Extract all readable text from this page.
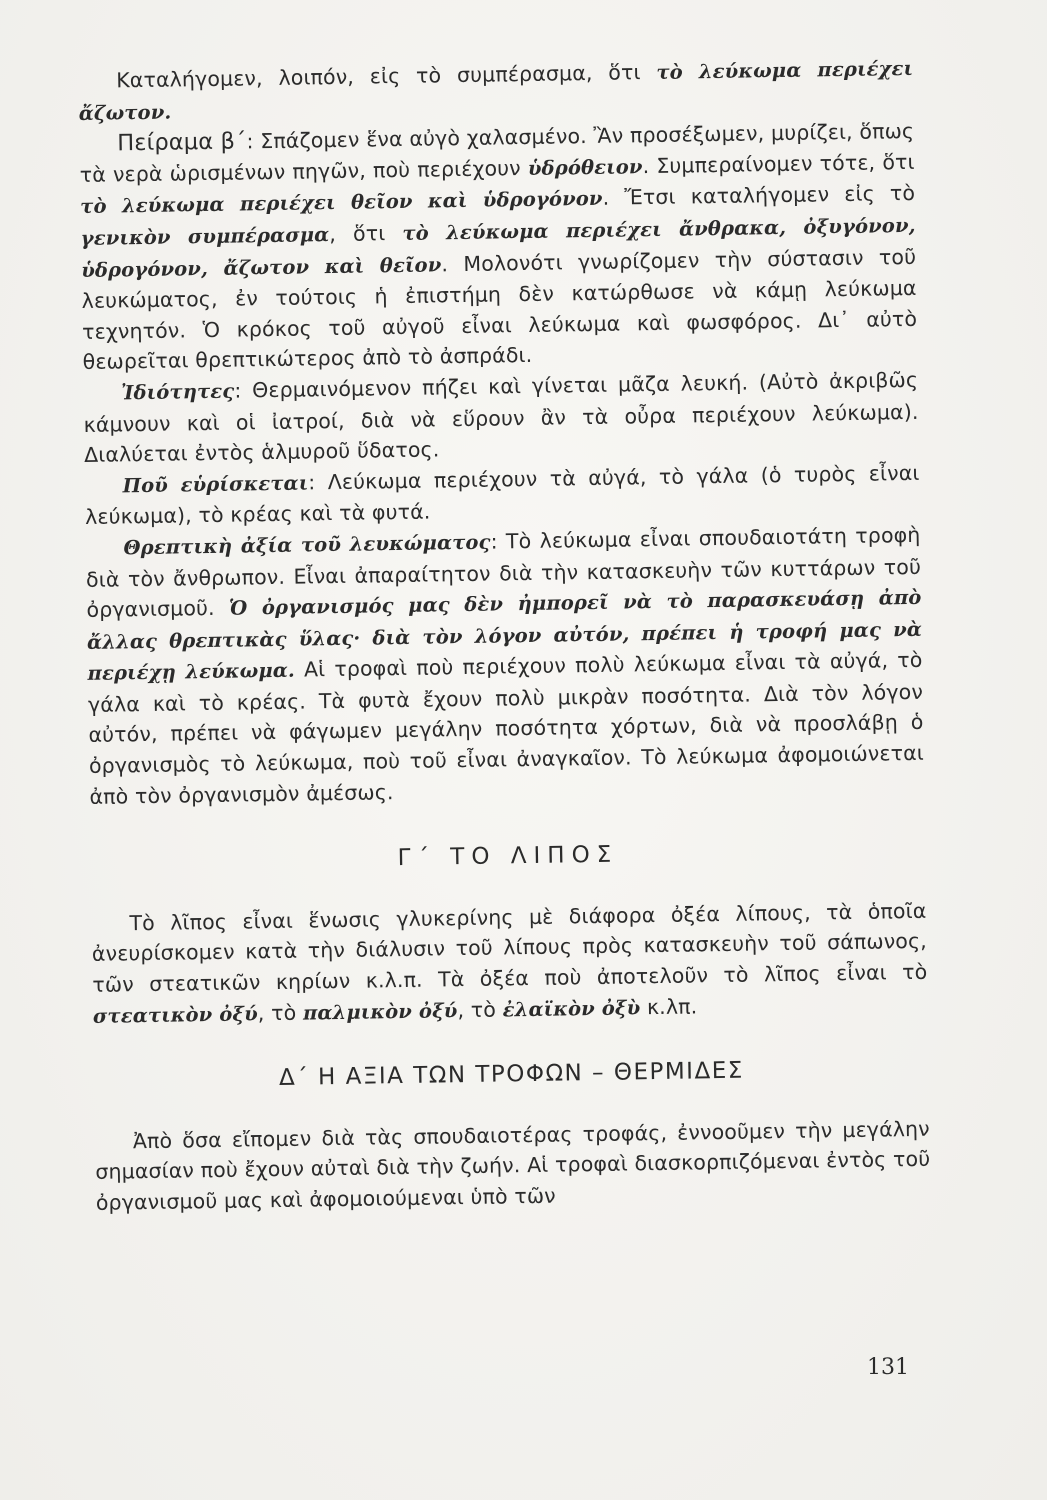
Καταλήγομεν, λοιπόν, εἰς τὸ συμπέρασμα, ὅτι τὸ λεύκωμα περιέχει ἄζωτον.

Πείραμα β΄: Σπάζομεν ἕνα αὐγὸ χαλασμένο. Ἂν προσέξωμεν, μυρίζει, ὅπως τὰ νερὰ ὡρισμένων πηγῶν, ποὺ περιέχουν ὑδρόθειον. Συμπεραίνομεν τότε, ὅτι τὸ λεύκωμα περιέχει θεῖον καὶ ὑδρογόνον. Ἔτσι καταλήγομεν εἰς τὸ γενικὸν συμπέρασμα, ὅτι τὸ λεύκωμα περιέχει ἄνθρακα, ὀξυγόνον, ὑδρογόνον, ἄζωτον καὶ θεῖον. Μολονότι γνωρίζομεν τὴν σύστασιν τοῦ λευκώματος, ἐν τούτοις ἡ ἐπιστήμη δὲν κατώρθωσε νὰ κάμῃ λεύκωμα τεχνητόν. Ὁ κρόκος τοῦ αὐγοῦ εἶναι λεύκωμα καὶ φωσφόρος. Δι᾿ αὐτὸ θεωρεῖται θρεπτικώτερος ἀπὸ τὸ ἀσπράδι.

Ἰδιότητες: Θερμαινόμενον πήζει καὶ γίνεται μᾶζα λευκή. (Αὐτὸ ἀκριβῶς κάμνουν καὶ οἱ ἰατροί, διὰ νὰ εὕρουν ἂν τὰ οὖρα περιέχουν λεύκωμα). Διαλύεται ἐντὸς ἁλμυροῦ ὕδατος.

Ποῦ εὑρίσκεται: Λεύκωμα περιέχουν τὰ αὐγά, τὸ γάλα (ὁ τυρὸς εἶναι λεύκωμα), τὸ κρέας καὶ τὰ φυτά.

Θρεπτικὴ ἀξία τοῦ λευκώματος: Τὸ λεύκωμα εἶναι σπουδαιοτάτη τροφὴ διὰ τὸν ἄνθρωπον. Εἶναι ἀπαραίτητον διὰ τὴν κατασκευὴν τῶν κυττάρων τοῦ ὀργανισμοῦ. Ὁ ὀργανισμός μας δὲν ἠμπορεῖ νὰ τὸ παρασκευάσῃ ἀπὸ ἄλλας θρεπτικὰς ὕλας· διὰ τὸν λόγον αὐτόν, πρέπει ἡ τροφή μας νὰ περιέχῃ λεύκωμα. Αἱ τροφαὶ ποὺ περιέχουν πολὺ λεύκωμα εἶναι τὰ αὐγά, τὸ γάλα καὶ τὸ κρέας. Τὰ φυτὰ ἔχουν πολὺ μικρὰν ποσότητα. Διὰ τὸν λόγον αὐτόν, πρέπει νὰ φάγωμεν μεγάλην ποσότητα χόρτων, διὰ νὰ προσλάβῃ ὁ ὀργανισμὸς τὸ λεύκωμα, ποὺ τοῦ εἶναι ἀναγκαῖον. Τὸ λεύκωμα ἀφομοιώνεται ἀπὸ τὸν ὀργανισμὸν ἀμέσως.

Γ΄ ΤΟ ΛΙΠΟΣ

Τὸ λῖπος εἶναι ἕνωσις γλυκερίνης μὲ διάφορα ὀξέα λίπους, τὰ ὁποῖα ἀνευρίσκομεν κατὰ τὴν διάλυσιν τοῦ λίπους πρὸς κατασκευὴν τοῦ σάπωνος, τῶν στεατικῶν κηρίων κ.λ.π. Τὰ ὀξέα ποὺ ἀποτελοῦν τὸ λῖπος εἶναι τὸ στεατικὸν ὀξύ, τὸ παλμικὸν ὀξύ, τὸ ἐλαϊκὸν ὀξὺ κ.λπ.

Δ΄ Η ΑΞΙΑ ΤΩΝ ΤΡΟΦΩΝ – ΘΕΡΜΙΔΕΣ

Ἀπὸ ὅσα εἴπομεν διὰ τὰς σπουδαιοτέρας τροφάς, ἐννοοῦμεν τὴν μεγάλην σημασίαν ποὺ ἔχουν αὐταὶ διὰ τὴν ζωήν. Αἱ τροφαὶ διασκορπιζόμεναι ἐντὸς τοῦ ὀργανισμοῦ μας καὶ ἀφομοιούμεναι ὑπὸ τῶν

131
